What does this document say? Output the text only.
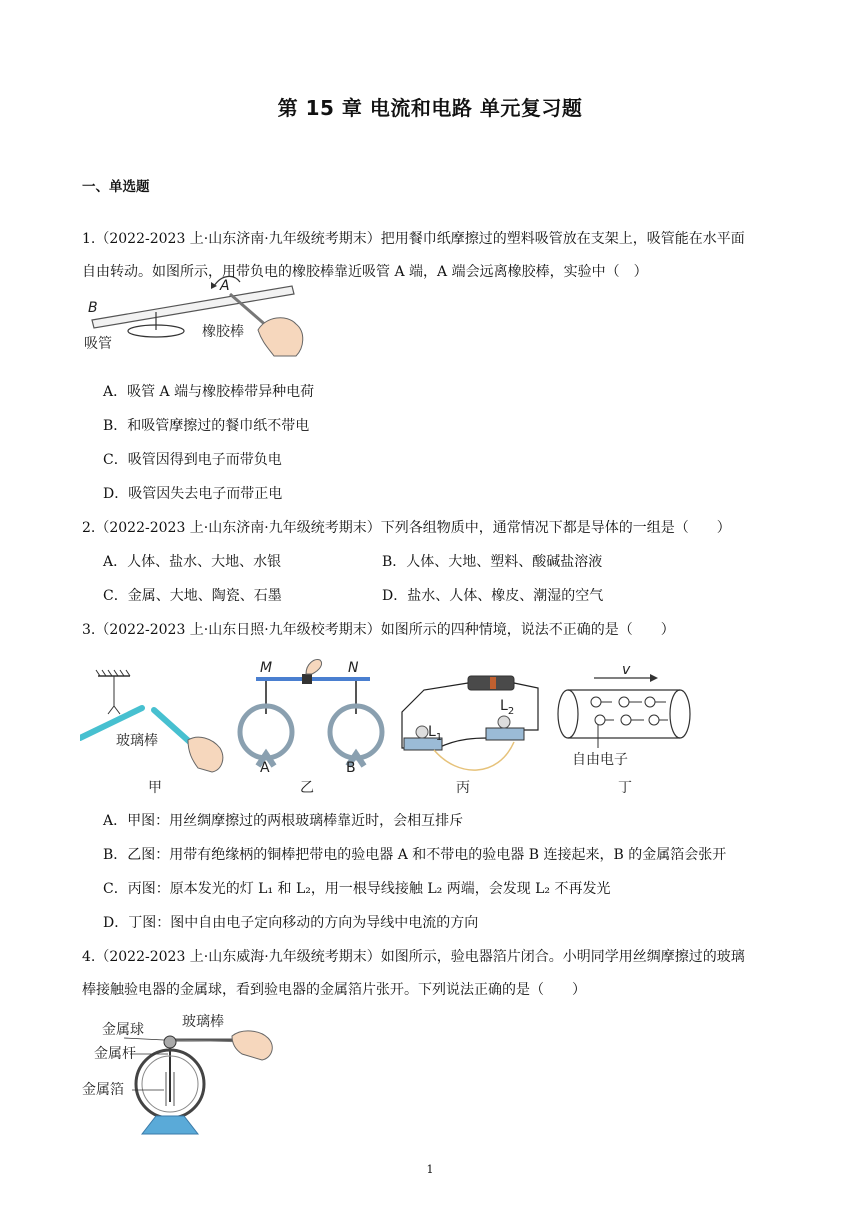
第 15 章 电流和电路 单元复习题
一、单选题
1.（2022-2023 上·山东济南·九年级统考期末）把用餐巾纸摩擦过的塑料吸管放在支架上，吸管能在水平面
自由转动。如图所示，用带负电的橡胶棒靠近吸管 A 端，A 端会远离橡胶棒，实验中（　）
B
A
吸管
橡胶棒
A．吸管 A 端与橡胶棒带异种电荷
B．和吸管摩擦过的餐巾纸不带电
C．吸管因得到电子而带负电
D．吸管因失去电子而带正电
2.（2022-2023 上·山东济南·九年级统考期末）下列各组物质中，通常情况下都是导体的一组是（　　）
A．人体、盐水、大地、水银	B．人体、大地、塑料、酸碱盐溶液
C．金属、大地、陶瓷、石墨	D．盐水、人体、橡皮、潮湿的空气
3.（2022-2023 上·山东日照·九年级校考期末）如图所示的四种情境，说法不正确的是（　　）
玻璃棒
甲
M	N
A	B
乙
$L_1$
$L_2$
丙
v
自由电子
丁
A．甲图：用丝绸摩擦过的两根玻璃棒靠近时，会相互排斥
B．乙图：用带有绝缘柄的铜棒把带电的验电器 A 和不带电的验电器 B 连接起来，B 的金属箔会张开
C．丙图：原本发光的灯 L₁ 和 L₂，用一根导线接触 L₂ 两端，会发现 L₂ 不再发光
D．丁图：图中自由电子定向移动的方向为导线中电流的方向
4.（2022-2023 上·山东威海·九年级统考期末）如图所示，验电器箔片闭合。小明同学用丝绸摩擦过的玻璃
棒接触验电器的金属球，看到验电器的金属箔片张开。下列说法正确的是（　　）
金属球	玻璃棒
金属杆
金属箔
1
